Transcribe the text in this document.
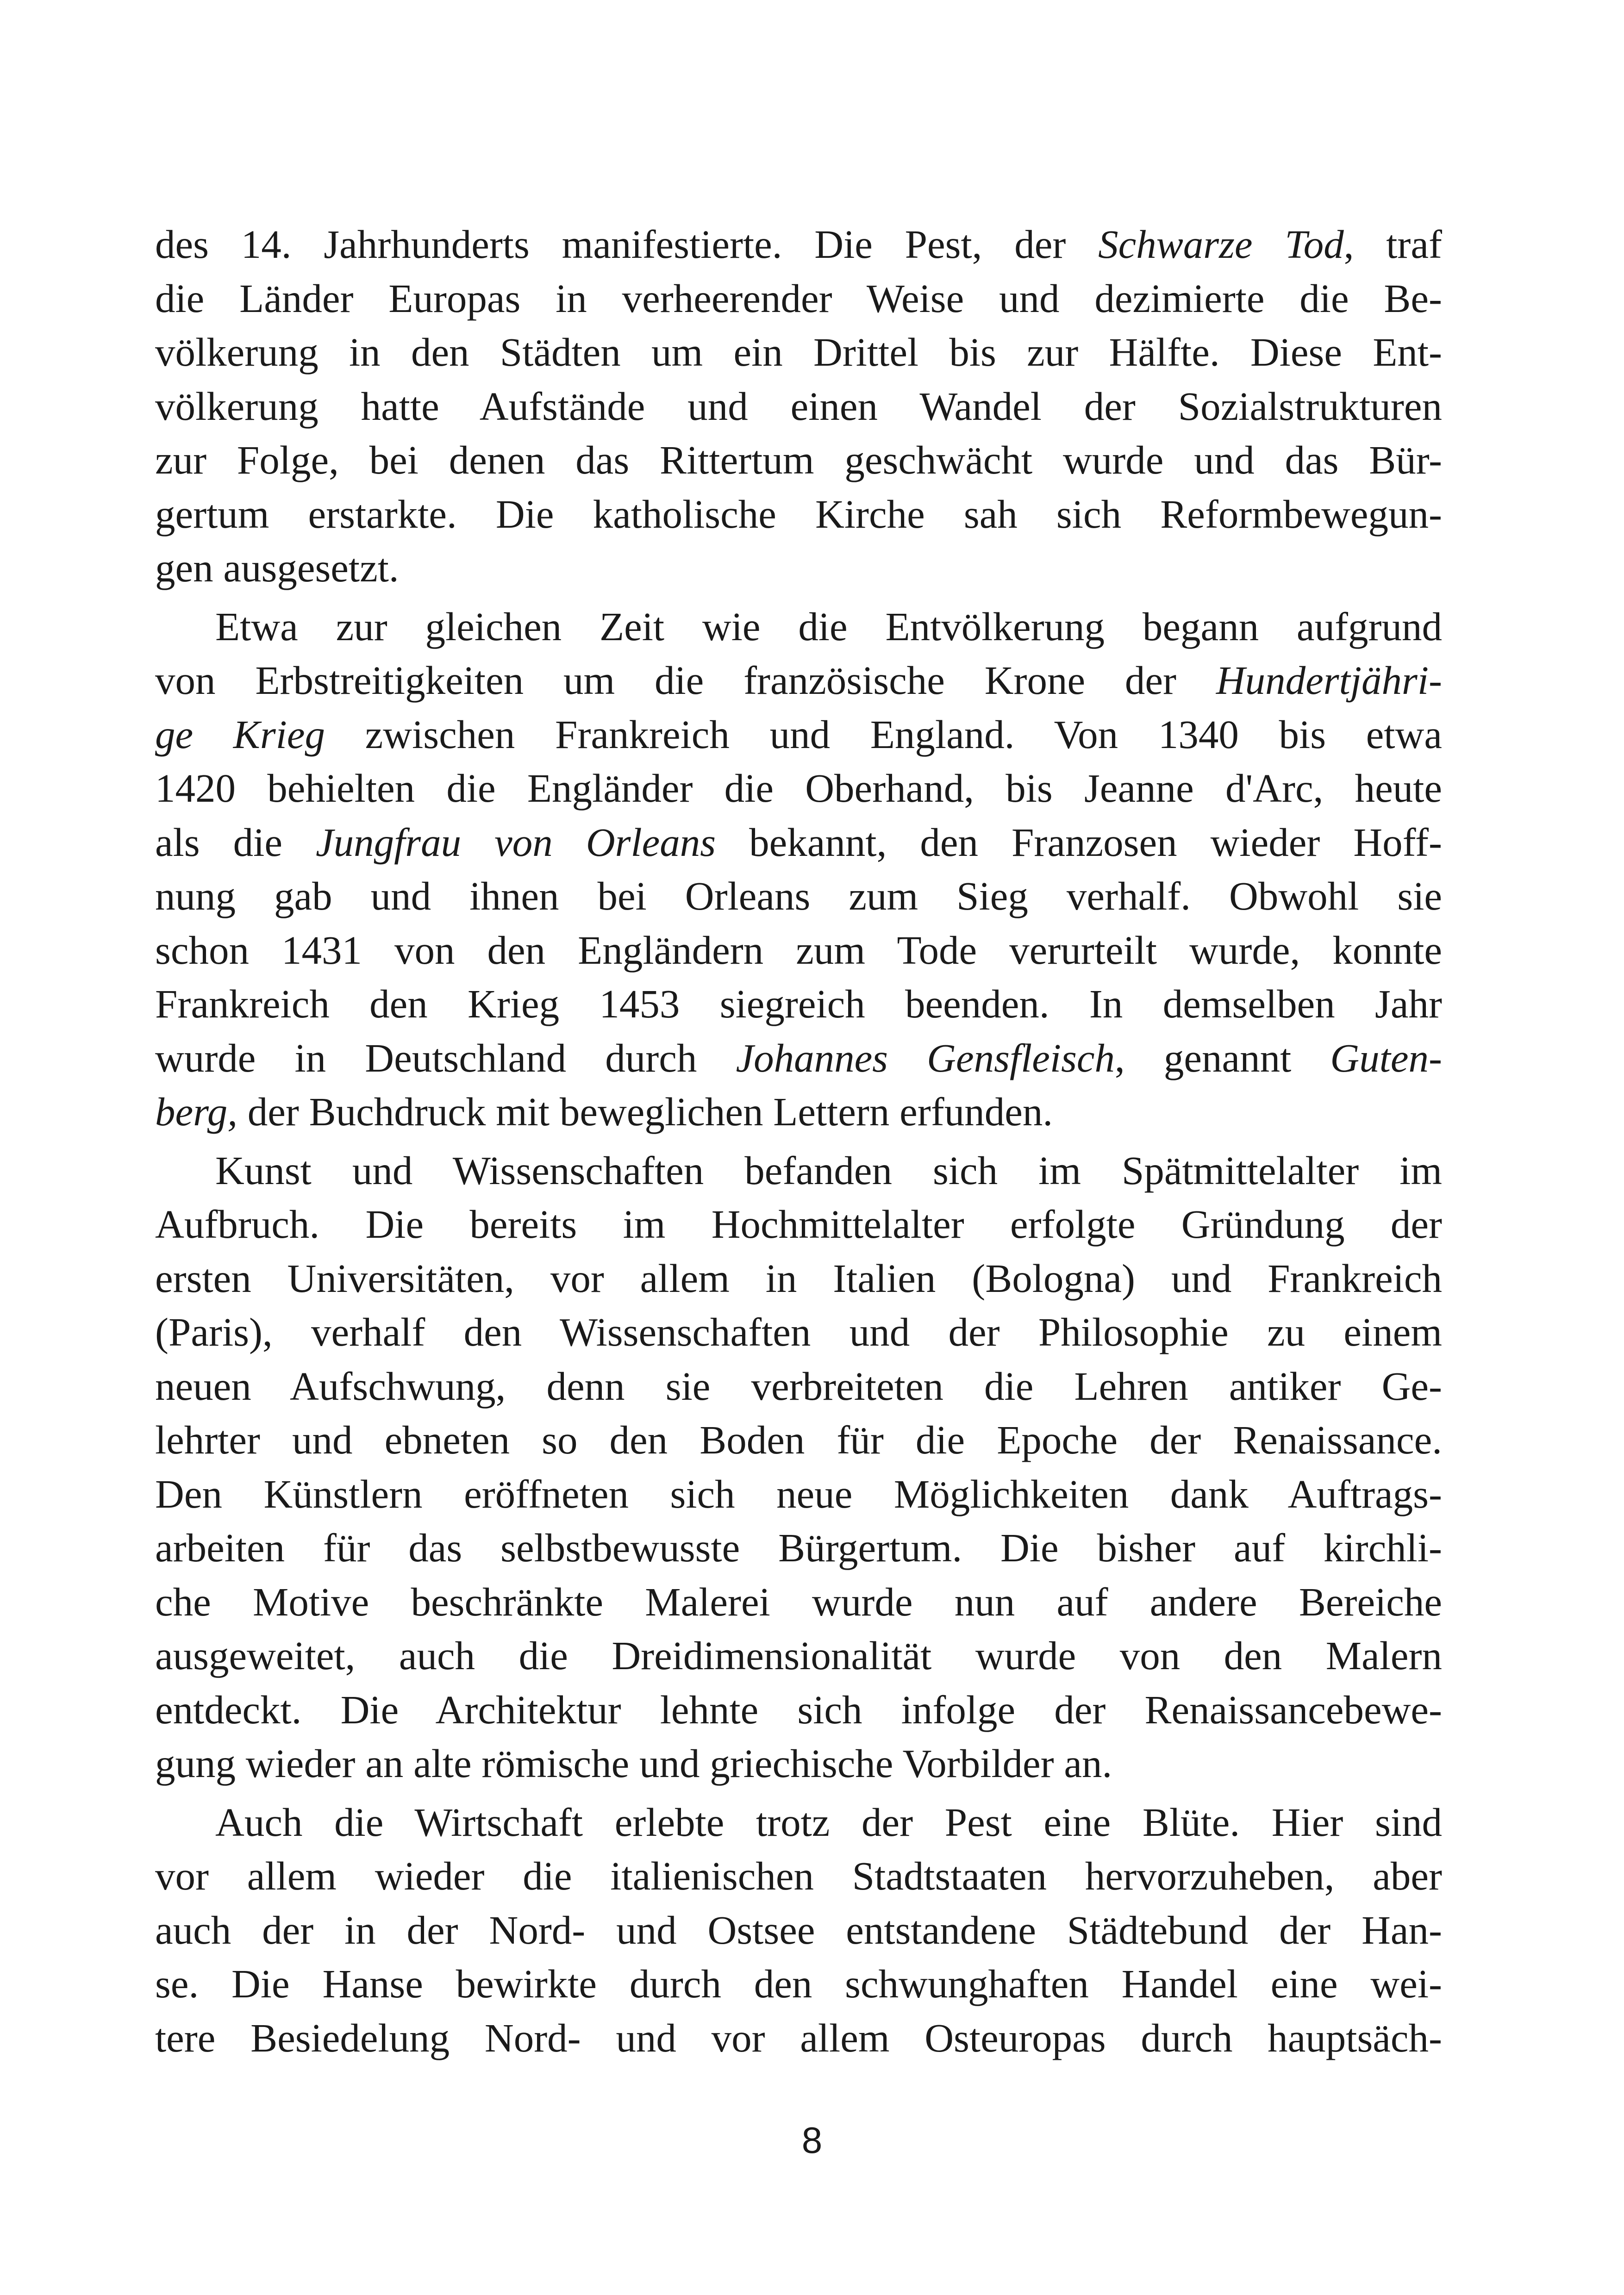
des 14. Jahrhunderts manifestierte. Die Pest, der Schwarze Tod, traf
die Länder Europas in verheerender Weise und dezimierte die Be-
völkerung in den Städten um ein Drittel bis zur Hälfte. Diese Ent-
völkerung hatte Aufstände und einen Wandel der Sozialstrukturen
zur Folge, bei denen das Rittertum geschwächt wurde und das Bür-
gertum erstarkte. Die katholische Kirche sah sich Reformbewegun-
gen ausgesetzt.
Etwa zur gleichen Zeit wie die Entvölkerung begann aufgrund
von Erbstreitigkeiten um die französische Krone der Hundertjähri-
ge Krieg zwischen Frankreich und England. Von 1340 bis etwa
1420 behielten die Engländer die Oberhand, bis Jeanne d'Arc, heute
als die Jungfrau von Orleans bekannt, den Franzosen wieder Hoff-
nung gab und ihnen bei Orleans zum Sieg verhalf. Obwohl sie
schon 1431 von den Engländern zum Tode verurteilt wurde, konnte
Frankreich den Krieg 1453 siegreich beenden. In demselben Jahr
wurde in Deutschland durch Johannes Gensfleisch, genannt Guten-
berg, der Buchdruck mit beweglichen Lettern erfunden.
Kunst und Wissenschaften befanden sich im Spätmittelalter im
Aufbruch. Die bereits im Hochmittelalter erfolgte Gründung der
ersten Universitäten, vor allem in Italien (Bologna) und Frankreich
(Paris), verhalf den Wissenschaften und der Philosophie zu einem
neuen Aufschwung, denn sie verbreiteten die Lehren antiker Ge-
lehrter und ebneten so den Boden für die Epoche der Renaissance.
Den Künstlern eröffneten sich neue Möglichkeiten dank Auftrags-
arbeiten für das selbstbewusste Bürgertum. Die bisher auf kirchli-
che Motive beschränkte Malerei wurde nun auf andere Bereiche
ausgeweitet, auch die Dreidimensionalität wurde von den Malern
entdeckt. Die Architektur lehnte sich infolge der Renaissancebewe-
gung wieder an alte römische und griechische Vorbilder an.
Auch die Wirtschaft erlebte trotz der Pest eine Blüte. Hier sind
vor allem wieder die italienischen Stadtstaaten hervorzuheben, aber
auch der in der Nord- und Ostsee entstandene Städtebund der Han-
se. Die Hanse bewirkte durch den schwunghaften Handel eine wei-
tere Besiedelung Nord- und vor allem Osteuropas durch hauptsäch-
8
